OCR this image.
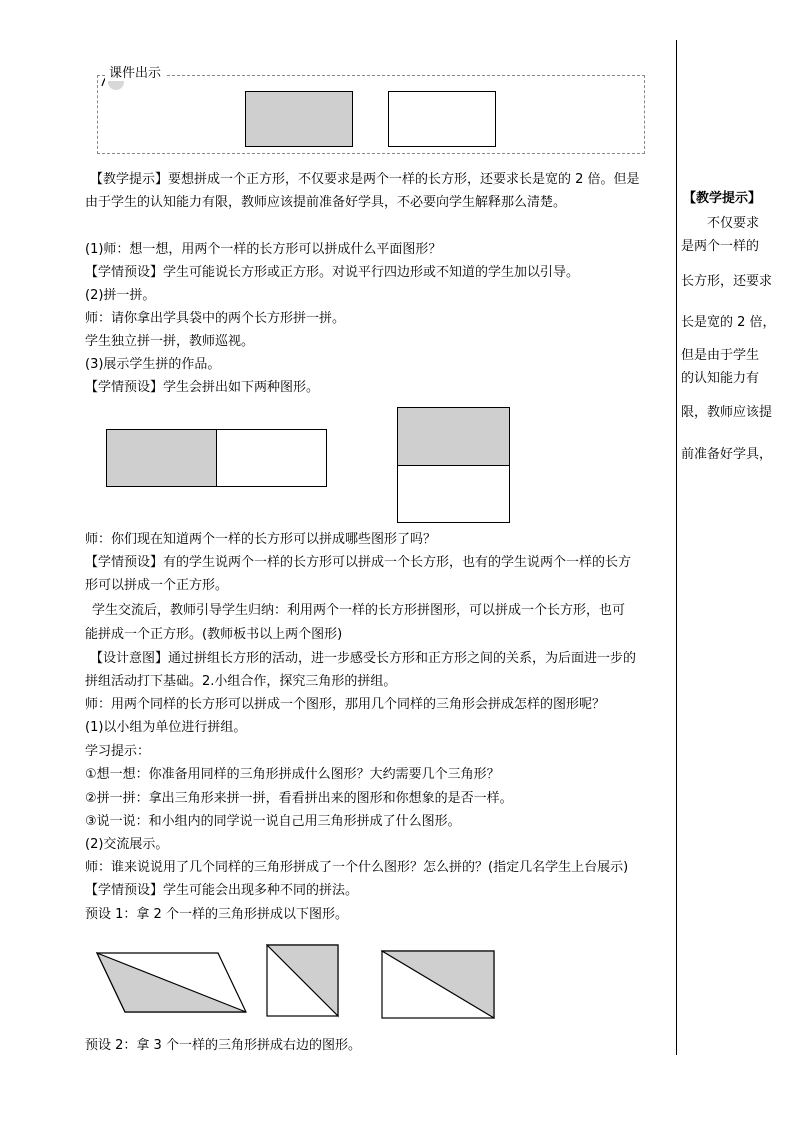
课件出示
【教学提示】要想拼成一个正方形，不仅要求是两个一样的长方形，还要求长是宽的 2 倍。但是
由于学生的认知能力有限，教师应该提前准备好学具，不必要向学生解释那么清楚。
(1)师：想一想，用两个一样的长方形可以拼成什么平面图形？
【学情预设】学生可能说长方形或正方形。对说平行四边形或不知道的学生加以引导。
(2)拼一拼。
师：请你拿出学具袋中的两个长方形拼一拼。
学生独立拼一拼，教师巡视。
(3)展示学生拼的作品。
【学情预设】学生会拼出如下两种图形。
师：你们现在知道两个一样的长方形可以拼成哪些图形了吗？
【学情预设】有的学生说两个一样的长方形可以拼成一个长方形，也有的学生说两个一样的长方
形可以拼成一个正方形。
学生交流后，教师引导学生归纳：利用两个一样的长方形拼图形，可以拼成一个长方形，也可
能拼成一个正方形。(教师板书以上两个图形)
【设计意图】通过拼组长方形的活动，进一步感受长方形和正方形之间的关系，为后面进一步的
拼组活动打下基础。2.小组合作，探究三角形的拼组。
师：用两个同样的长方形可以拼成一个图形，那用几个同样的三角形会拼成怎样的图形呢？
(1)以小组为单位进行拼组。
学习提示：
①想一想：你准备用同样的三角形拼成什么图形？大约需要几个三角形？
②拼一拼：拿出三角形来拼一拼，看看拼出来的图形和你想象的是否一样。
③说一说：和小组内的同学说一说自己用三角形拼成了什么图形。
(2)交流展示。
师：谁来说说用了几个同样的三角形拼成了一个什么图形？怎么拼的？(指定几名学生上台展示)
【学情预设】学生可能会出现多种不同的拼法。
预设 1：拿 2 个一样的三角形拼成以下图形。
预设 2：拿 3 个一样的三角形拼成右边的图形。
【教学提示】
不仅要求
是两个一样的
长方形，还要求
长是宽的 2 倍，
但是由于学生
的认知能力有
限，教师应该提
前准备好学具，
